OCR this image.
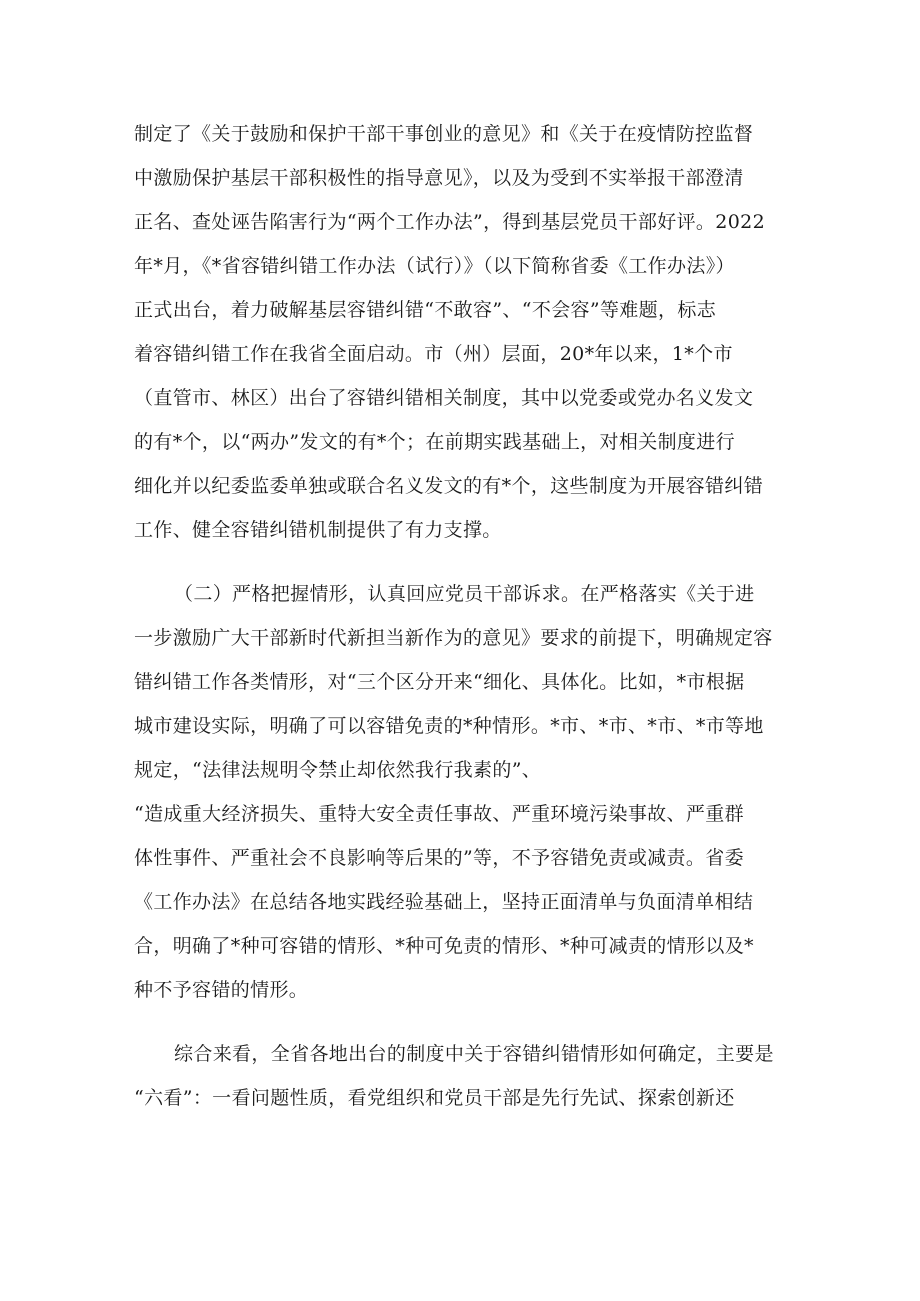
制定了《关于鼓励和保护干部干事创业的意见》和《关于在疫情防控监督
中激励保护基层干部积极性的指导意见》，以及为受到不实举报干部澄清
正名、查处诬告陷害行为“两个工作办法”，得到基层党员干部好评。2022
年*月，《*省容错纠错工作办法（试行）》（以下简称省委《工作办法》）
正式出台，着力破解基层容错纠错“不敢容”、“不会容”等难题，标志
着容错纠错工作在我省全面启动。市（州）层面，20*年以来，1*个市
（直管市、林区）出台了容错纠错相关制度，其中以党委或党办名义发文
的有*个，以“两办”发文的有*个；在前期实践基础上，对相关制度进行
细化并以纪委监委单独或联合名义发文的有*个，这些制度为开展容错纠错
工作、健全容错纠错机制提供了有力支撑。
（二）严格把握情形，认真回应党员干部诉求。在严格落实《关于进
一步激励广大干部新时代新担当新作为的意见》要求的前提下，明确规定容
错纠错工作各类情形，对“三个区分开来“细化、具体化。比如，*市根据
城市建设实际，明确了可以容错免责的*种情形。*市、*市、*市、*市等地
规定，“法律法规明令禁止却依然我行我素的”、
“造成重大经济损失、重特大安全责任事故、严重环境污染事故、严重群
体性事件、严重社会不良影响等后果的”等，不予容错免责或减责。省委
《工作办法》在总结各地实践经验基础上，坚持正面清单与负面清单相结
合，明确了*种可容错的情形、*种可免责的情形、*种可减责的情形以及*
种不予容错的情形。
综合来看，全省各地出台的制度中关于容错纠错情形如何确定，主要是
“六看”：一看问题性质，看党组织和党员干部是先行先试、探索创新还
